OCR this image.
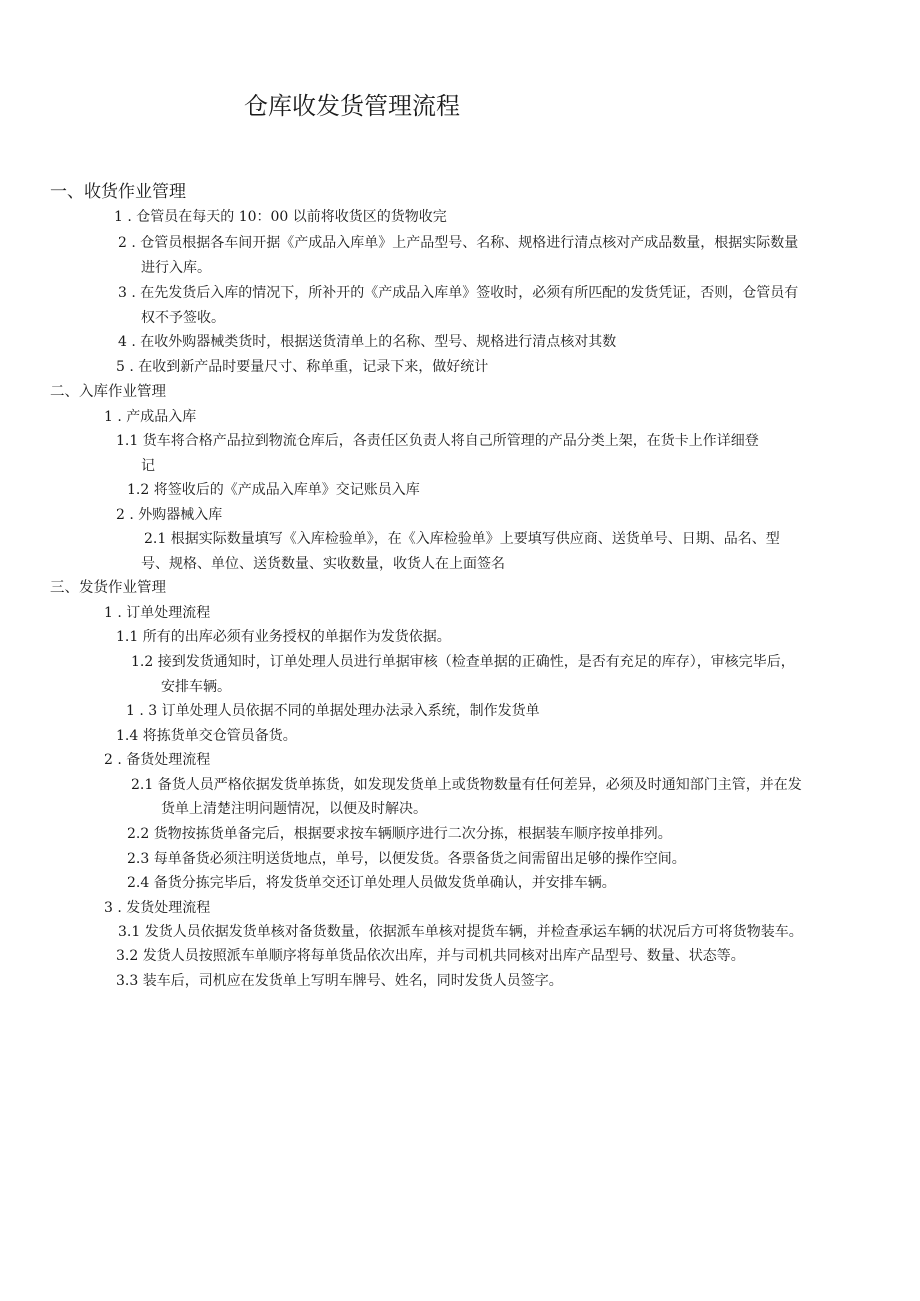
仓库收发货管理流程
一、收货作业管理
1 . 仓管员在每天的 10：00 以前将收货区的货物收完
2 . 仓管员根据各车间开据《产成品入库单》上产品型号、名称、规格进行清点核对产成品数量，根据实际数量
进行入库。
3 . 在先发货后入库的情况下，所补开的《产成品入库单》签收时，必须有所匹配的发货凭证，否则，仓管员有
权不予签收。
4 . 在收外购器械类货时，根据送货清单上的名称、型号、规格进行清点核对其数
5 . 在收到新产品时要量尺寸、称单重，记录下来，做好统计
二、入库作业管理
1 . 产成品入库
1.1 货车将合格产品拉到物流仓库后，各责任区负责人将自己所管理的产品分类上架，在货卡上作详细登
记
1.2 将签收后的《产成品入库单》交记账员入库
2 . 外购器械入库
2.1 根据实际数量填写《入库检验单》，在《入库检验单》上要填写供应商、送货单号、日期、品名、型
号、规格、单位、送货数量、实收数量，收货人在上面签名
三、发货作业管理
1 . 订单处理流程
1.1 所有的出库必须有业务授权的单据作为发货依据。
1.2 接到发货通知时，订单处理人员进行单据审核（检查单据的正确性，是否有充足的库存），审核完毕后，
安排车辆。
1 . 3 订单处理人员依据不同的单据处理办法录入系统，制作发货单
1.4 将拣货单交仓管员备货。
2 . 备货处理流程
2.1 备货人员严格依据发货单拣货，如发现发货单上或货物数量有任何差异，必须及时通知部门主管，并在发
货单上清楚注明问题情况，以便及时解决。
2.2 货物按拣货单备完后，根据要求按车辆顺序进行二次分拣，根据装车顺序按单排列。
2.3 每单备货必须注明送货地点，单号，以便发货。各票备货之间需留出足够的操作空间。
2.4 备货分拣完毕后，将发货单交还订单处理人员做发货单确认，并安排车辆。
3 . 发货处理流程
3.1 发货人员依据发货单核对备货数量，依据派车单核对提货车辆，并检查承运车辆的状况后方可将货物装车。
3.2 发货人员按照派车单顺序将每单货品依次出库，并与司机共同核对出库产品型号、数量、状态等。
3.3 装车后，司机应在发货单上写明车牌号、姓名，同时发货人员签字。
